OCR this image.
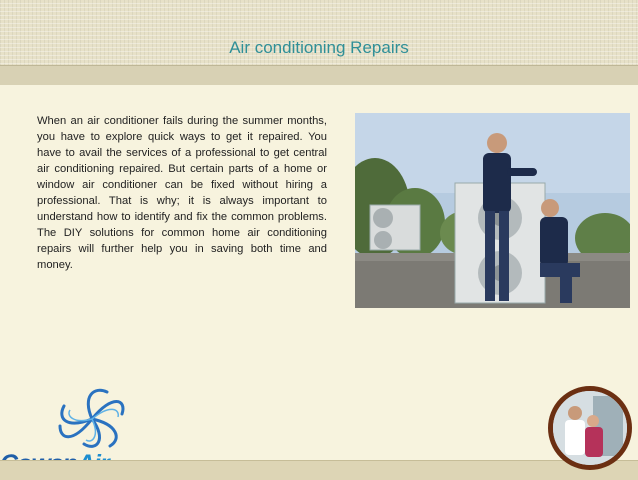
Air conditioning Repairs

When an air conditioner fails during the summer months, you have to explore quick ways to get it repaired. You have to avail the services of a professional to get central air conditioning repaired. But certain parts of a home or window air conditioner can be fixed without hiring a professional. That is why; it is always important to understand how to identify and fix the common problems. The DIY solutions for common home air conditioning repairs will further help you in saving both time and money.
